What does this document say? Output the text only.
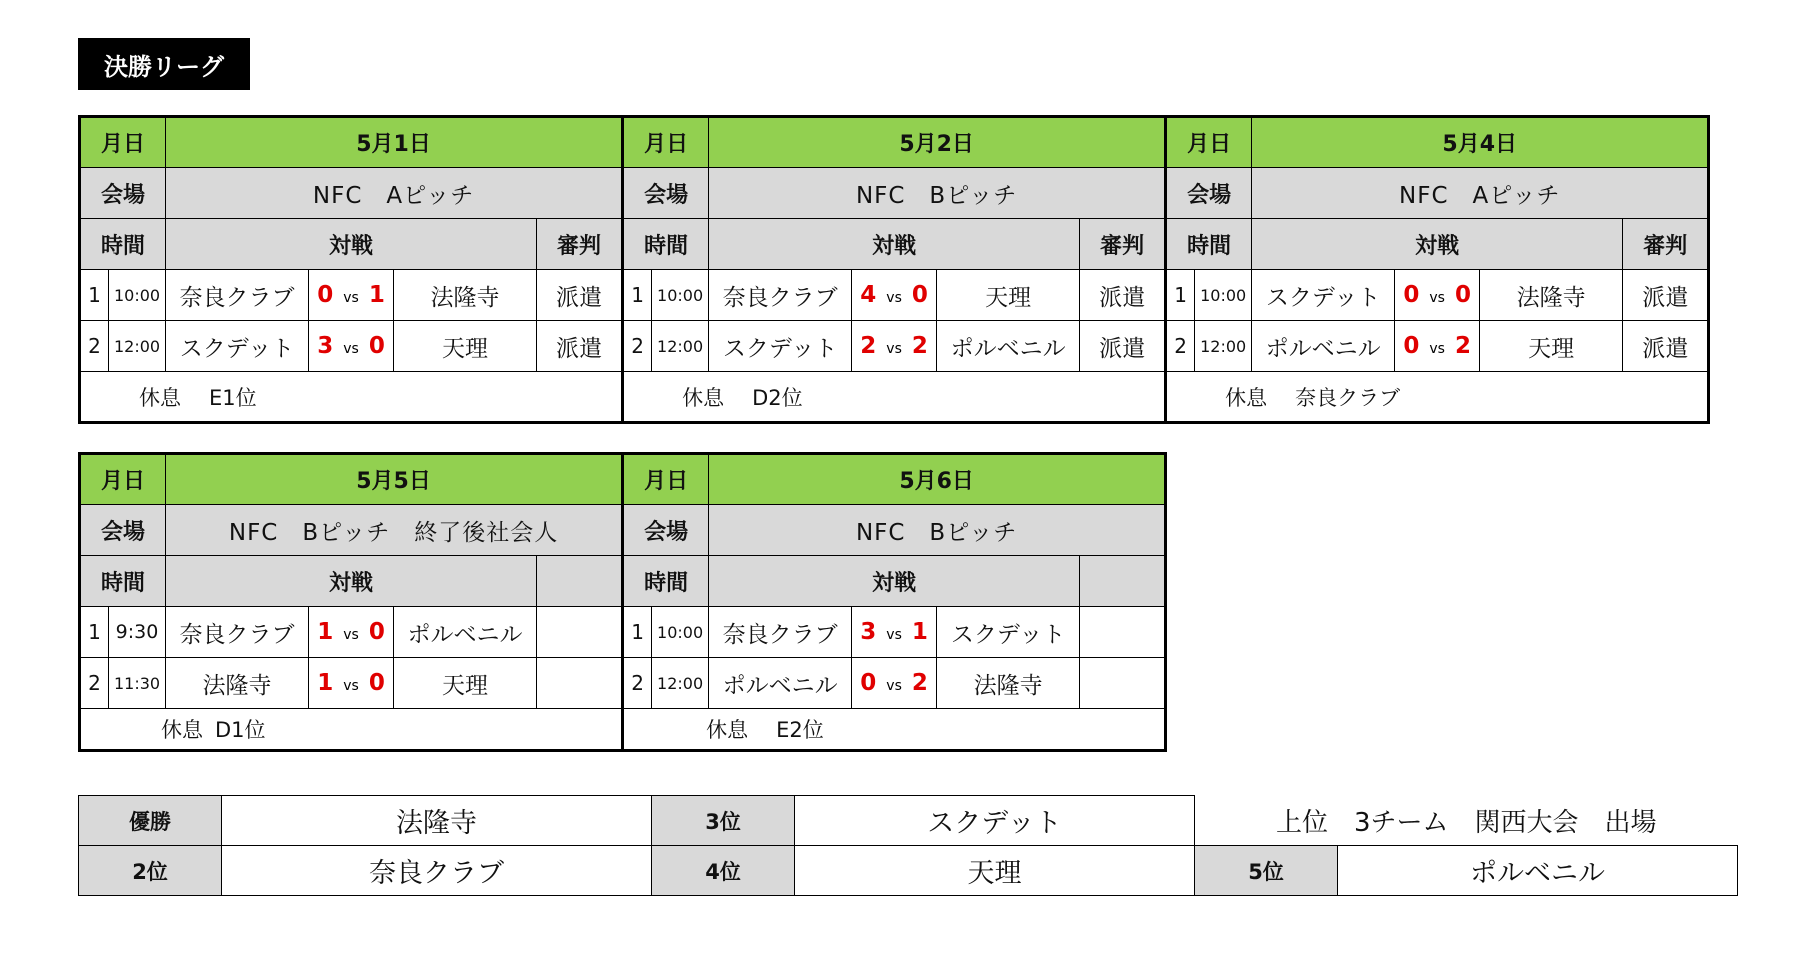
決勝リーグ
月日		5月1日				月日		5月2日				月日		5月4日			
会場		NFC　Aピッチ				会場		NFC　Bピッチ				会場		NFC　Aピッチ			
時間		対戦			審判	時間		対戦			審判	時間		対戦			審判
1	10:00	奈良クラブ	0 vs 1	法隆寺	派遣	1	10:00	奈良クラブ	4 vs 0	天理	派遣	1	10:00	スクデット	0 vs 0	法隆寺	派遣
2	12:00	スクデット	3 vs 0	天理	派遣	2	12:00	スクデット	2 vs 2	ポルベニル	派遣	2	12:00	ポルベニル	0 vs 2	天理	派遣
休息 E1位						休息 D2位						休息 奈良クラブ					
月日		5月5日				月日		5月6日			
会場		NFC　Bピッチ　終了後社会人				会場		NFC　Bピッチ			
時間		対戦				時間		対戦			
1	9:30	奈良クラブ	1 vs 0	ポルベニル		1	10:00	奈良クラブ	3 vs 1	スクデット	
2	11:30	法隆寺	1 vs 0	天理		2	12:00	ポルベニル	0 vs 2	法隆寺	
休息 D1位						休息 E2位					
優勝	法隆寺	3位	スクデット	上位　3チーム　関西大会　出場	
2位	奈良クラブ	4位	天理	5位	ポルベニル
